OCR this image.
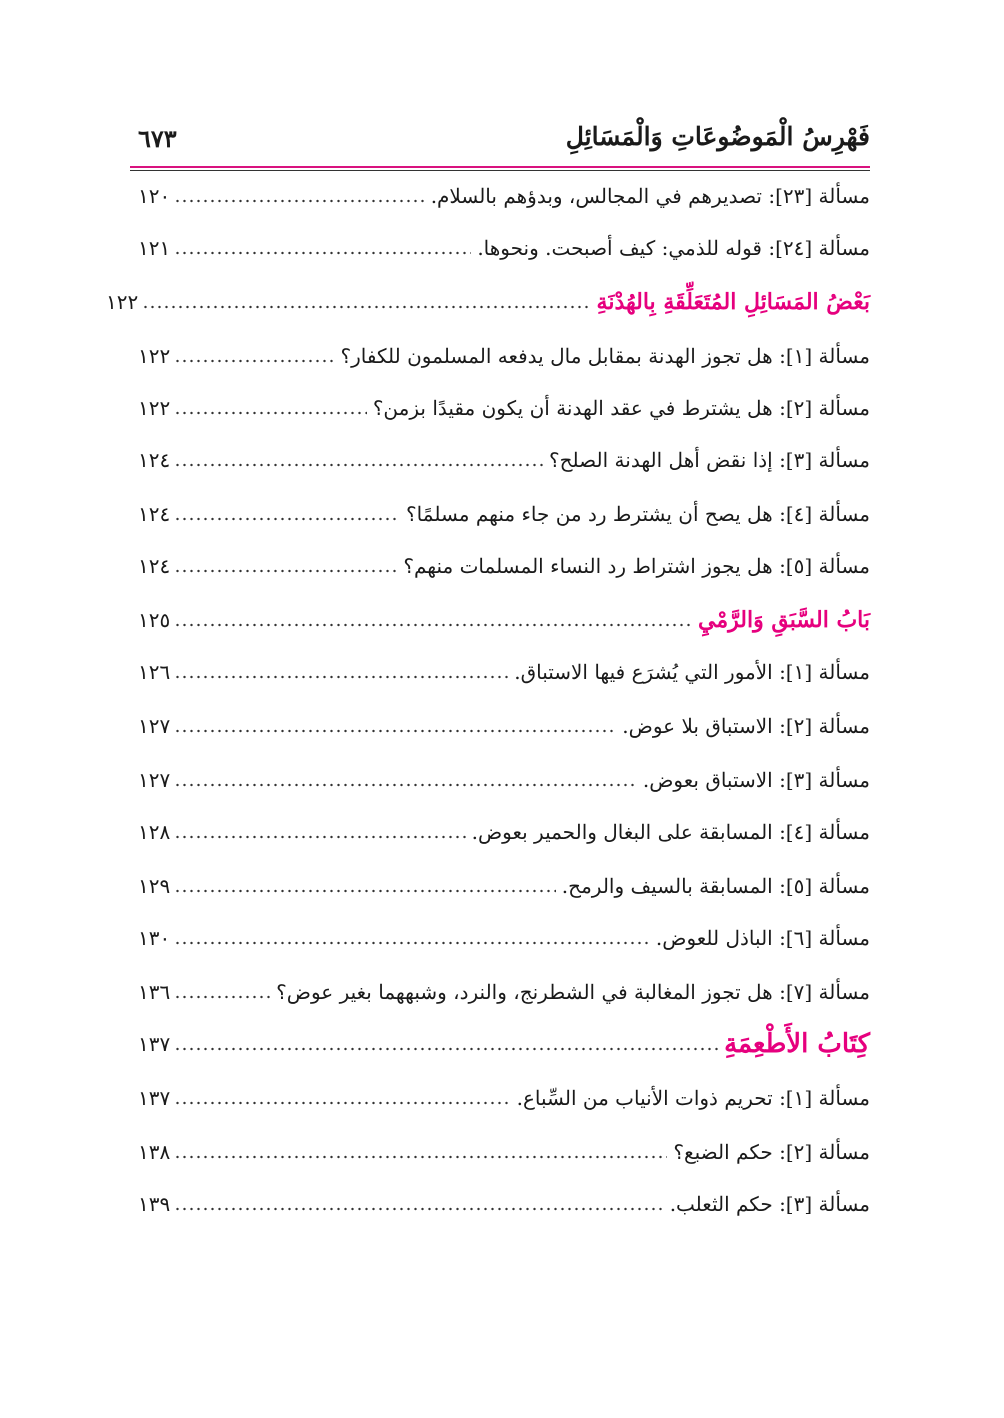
فَهْرِسُ الْمَوضُوعَاتِ وَالْمَسَائِلِ
٦٧٣
مسألة [٢٣]: تصديرهم في المجالس، وبدؤهم بالسلام.
١٢٠
مسألة [٢٤]: قوله للذمي: كيف أصبحت. ونحوها.
١٢١
بَعْضُ المَسَائِلِ المُتَعَلِّقَةِ بِالهُدْنَةِ
١٢٢
مسألة [١]: هل تجوز الهدنة بمقابل مال يدفعه المسلمون للكفار؟
١٢٢
مسألة [٢]: هل يشترط في عقد الهدنة أن يكون مقيدًا بزمن؟
١٢٢
مسألة [٣]: إذا نقض أهل الهدنة الصلح؟
١٢٤
مسألة [٤]: هل يصح أن يشترط رد من جاء منهم مسلمًا؟
١٢٤
مسألة [٥]: هل يجوز اشتراط رد النساء المسلمات منهم؟
١٢٤
بَابُ السَّبَقِ وَالرَّمْيِ
١٢٥
مسألة [١]: الأمور التي يُشرَع فيها الاستباق.
١٢٦
مسألة [٢]: الاستباق بلا عوض.
١٢٧
مسألة [٣]: الاستباق بعوض.
١٢٧
مسألة [٤]: المسابقة على البغال والحمير بعوض.
١٢٨
مسألة [٥]: المسابقة بالسيف والرمح.
١٢٩
مسألة [٦]: الباذل للعوض.
١٣٠
مسألة [٧]: هل تجوز المغالبة في الشطرنج، والنرد، وشبههما بغير عوض؟
١٣٦
كِتَابُ الأَطْعِمَةِ
١٣٧
مسألة [١]: تحريم ذوات الأنياب من السِّباع.
١٣٧
مسألة [٢]: حكم الضبع؟
١٣٨
مسألة [٣]: حكم الثعلب.
١٣٩
